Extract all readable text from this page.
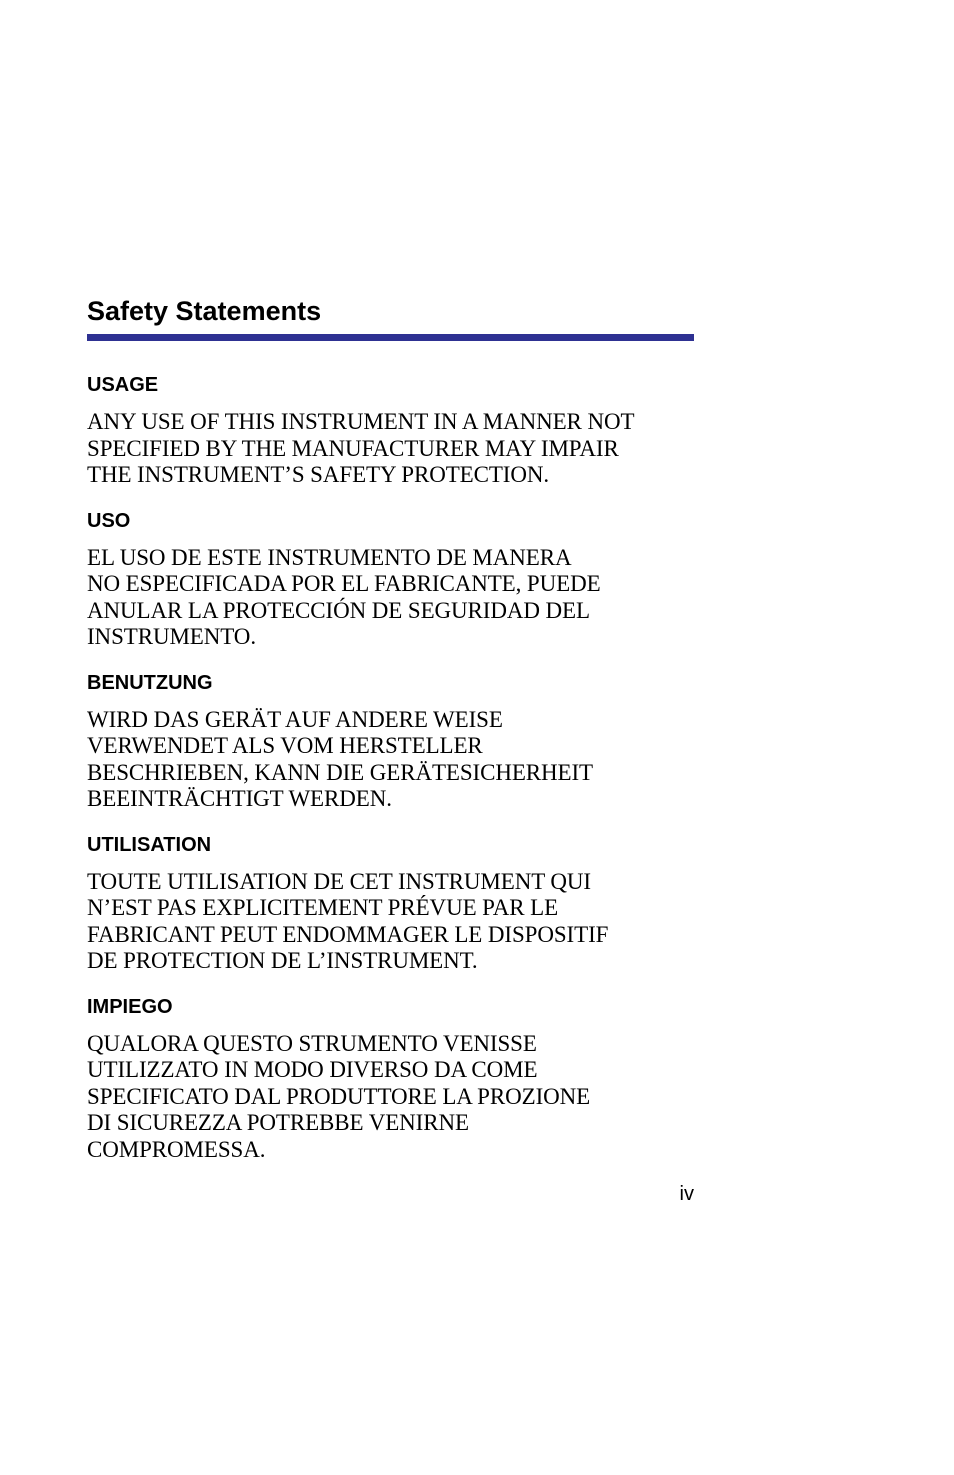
Safety Statements
USAGE
ANY USE OF THIS INSTRUMENT IN A MANNER NOT
SPECIFIED BY THE MANUFACTURER MAY IMPAIR
THE INSTRUMENT’S SAFETY PROTECTION.
USO
EL USO DE ESTE INSTRUMENTO DE MANERA
NO ESPECIFICADA POR EL FABRICANTE, PUEDE
ANULAR LA PROTECCIÓN DE SEGURIDAD DEL
INSTRUMENTO.
BENUTZUNG
WIRD DAS GERÄT AUF ANDERE WEISE
VERWENDET ALS VOM HERSTELLER
BESCHRIEBEN, KANN DIE GERÄTESICHERHEIT
BEEINTRÄCHTIGT WERDEN.
UTILISATION
TOUTE UTILISATION DE CET INSTRUMENT QUI
N’EST PAS EXPLICITEMENT PRÉVUE PAR LE
FABRICANT PEUT ENDOMMAGER LE DISPOSITIF
DE PROTECTION DE L’INSTRUMENT.
IMPIEGO
QUALORA QUESTO STRUMENTO VENISSE
UTILIZZATO IN MODO DIVERSO DA COME
SPECIFICATO DAL PRODUTTORE LA PROZIONE
DI SICUREZZA POTREBBE VENIRNE
COMPROMESSA.
iv
